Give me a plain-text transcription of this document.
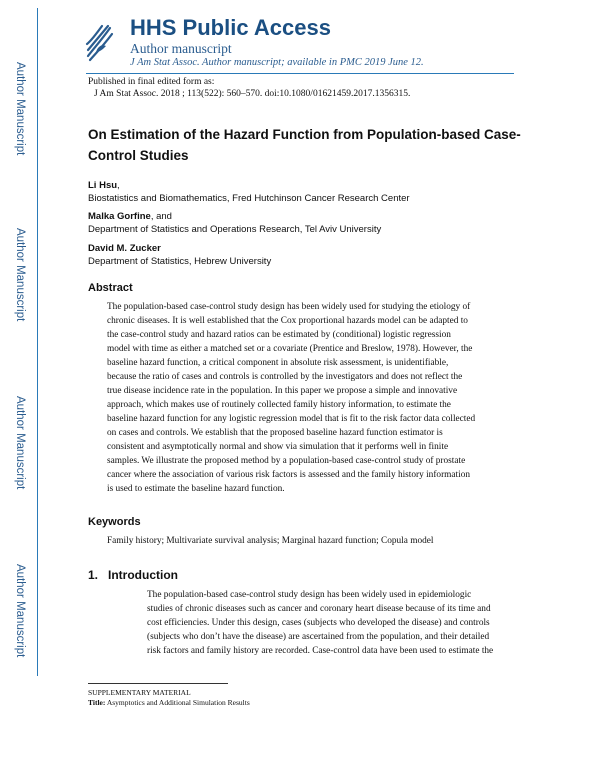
Author Manuscript
Author Manuscript
Author Manuscript
Author Manuscript
HHS Public Access
Author manuscript
J Am Stat Assoc. Author manuscript; available in PMC 2019 June 12.
Published in final edited form as:
J Am Stat Assoc. 2018 ; 113(522): 560–570. doi:10.1080/01621459.2017.1356315.
On Estimation of the Hazard Function from Population-based Case-Control Studies
Li Hsu,
Biostatistics and Biomathematics, Fred Hutchinson Cancer Research Center
Malka Gorfine, and
Department of Statistics and Operations Research, Tel Aviv University
David M. Zucker
Department of Statistics, Hebrew University
Abstract
The population-based case-control study design has been widely used for studying the etiology of
chronic diseases. It is well established that the Cox proportional hazards model can be adapted to
the case-control study and hazard ratios can be estimated by (conditional) logistic regression
model with time as either a matched set or a covariate (Prentice and Breslow, 1978). However, the
baseline hazard function, a critical component in absolute risk assessment, is unidentifiable,
because the ratio of cases and controls is controlled by the investigators and does not reflect the
true disease incidence rate in the population. In this paper we propose a simple and innovative
approach, which makes use of routinely collected family history information, to estimate the
baseline hazard function for any logistic regression model that is fit to the risk factor data collected
on cases and controls. We establish that the proposed baseline hazard function estimator is
consistent and asymptotically normal and show via simulation that it performs well in finite
samples. We illustrate the proposed method by a population-based case-control study of prostate
cancer where the association of various risk factors is assessed and the family history information
is used to estimate the baseline hazard function.
Keywords
Family history; Multivariate survival analysis; Marginal hazard function; Copula model
1. Introduction
The population-based case-control study design has been widely used in epidemiologic
studies of chronic diseases such as cancer and coronary heart disease because of its time and
cost efficiencies. Under this design, cases (subjects who developed the disease) and controls
(subjects who don’t have the disease) are ascertained from the population, and their detailed
risk factors and family history are recorded. Case-control data have been used to estimate the
SUPPLEMENTARY MATERIAL
Title: Asymptotics and Additional Simulation Results
